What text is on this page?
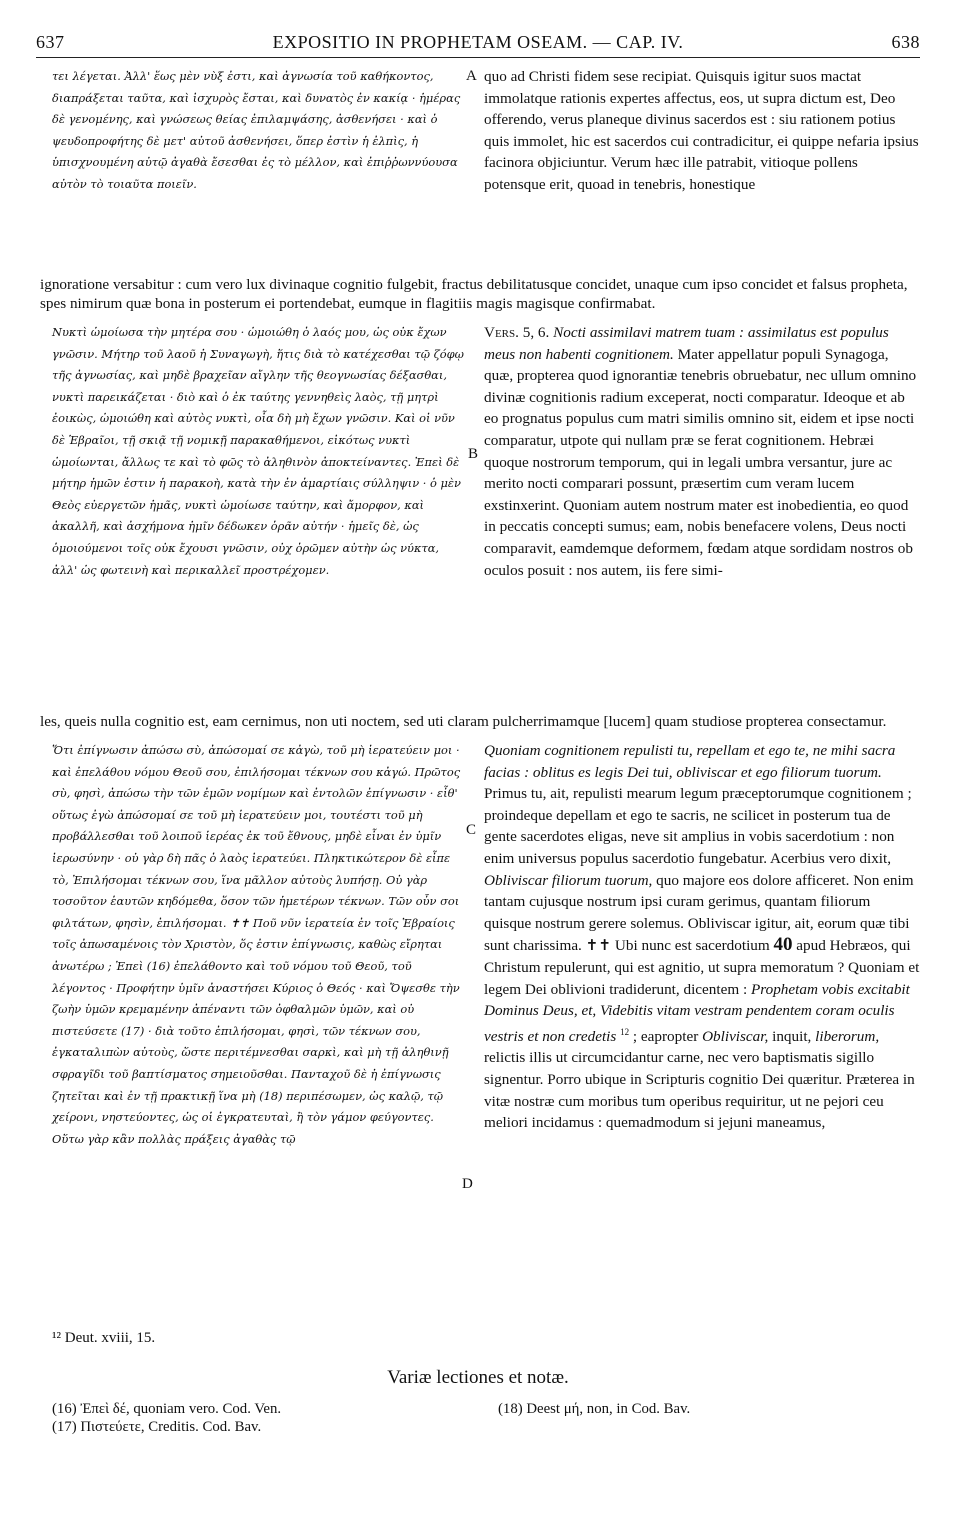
637	EXPOSITIO IN PROPHETAM OSEAM. — CAP. IV.	638

τει λέγεται. Ἀλλ' ἕως μὲν νὺξ ἐστι, καὶ ἀγνωσία τοῦ καθήκοντος, διαπράξεται ταῦτα, καὶ ἰσχυρὸς ἔσται, καὶ δυνατὸς ἐν κακίᾳ · ἡμέρας δὲ γενομένης, καὶ γνώσεως θείας ἐπιλαμψάσης, ἀσθενήσει · καὶ ὁ ψευδοπροφήτης δὲ μετ' αὐτοῦ ἀσθενήσει, ὅπερ ἐστὶν ἡ ἐλπὶς, ἡ ὑπισχνουμένη αὐτῷ ἀγαθὰ ἔσεσθαι ἐς τὸ μέλλον, καὶ ἐπιῤῥωννύουσα αὐτὸν τὸ τοιαῦτα ποιεῖν.

A quo ad Christi fidem sese recipiat. Quisquis igitur suos mactat immolatque rationis expertes affectus, eos, ut supra dictum est, Deo offerendo, verus planeque divinus sacerdos est : siu rationem potius quis immolet, hic est sacerdos cui contradicitur, ei quippe nefaria ipsius facinora objiciuntur. Verum hæc ille patrabit, vitioque pollens potensque erit, quoad in tenebris, honestique

ignoratione versabitur : cum vero lux divinaque cognitio fulgebit, fractus debilitatusque concidet, unaque cum ipso concidet et falsus propheta, spes nimirum quæ bona in posterum ei portendebat, eumque in flagitiis magis magisque confirmabat.

Νυκτὶ ὡμοίωσα τὴν μητέρα σου · ὡμοιώθη ὁ λαός μου, ὡς οὐκ ἔχων γνῶσιν. Μήτηρ τοῦ λαοῦ ἡ Συναγωγὴ, ἥτις διὰ τὸ κατέχεσθαι τῷ ζόφῳ τῆς ἀγνωσίας, καὶ μηδὲ βραχεῖαν αἴγλην τῆς θεογνωσίας δέξασθαι, νυκτὶ παρεικάζεται · διὸ καὶ ὁ ἐκ ταύτης γεννηθεὶς λαὸς, τῇ μητρὶ ἐοικὼς, ὡμοιώθη καὶ αὐτὸς νυκτὶ, οἷα δὴ μὴ ἔχων γνῶσιν. Καὶ οἱ νῦν δὲ Ἑβραῖοι, τῇ σκιᾷ τῇ νομικῇ παρακαθήμενοι, εἰκότως νυκτὶ ὡμοίωνται, ἄλλως τε καὶ τὸ φῶς τὸ ἀληθινὸν ἀποκτείναντες. Ἐπεὶ δὲ μήτηρ ἡμῶν ἐστιν ἡ παρακοὴ, κατὰ τὴν ἐν ἁμαρτίαις σύλληψιν · ὁ μὲν Θεὸς εὐεργετῶν ἡμᾶς, νυκτὶ ὡμοίωσε ταύτην, καὶ ἄμορφον, καὶ ἀκαλλῆ, καὶ ἀσχήμονα ἡμῖν δέδωκεν ὁρᾶν αὐτήν · ἡμεῖς δὲ, ὡς ὁμοιούμενοι τοῖς οὐκ ἔχουσι γνῶσιν, οὐχ ὁρῶμεν αὐτὴν ὡς νύκτα, ἀλλ' ὡς φωτεινὴ καὶ περικαλλεῖ προστρέχομεν.

B
Vers. 5, 6. Nocti assimilavi matrem tuam : assimilatus est populus meus non habenti cognitionem. Mater appellatur populi Synagoga, quæ, propterea quod ignorantiæ tenebris obruebatur, nec ullum omnino divinæ cognitionis radium exceperat, nocti comparatur. Ideoque et ab eo prognatus populus cum matri similis omnino sit, eidem et ipse nocti comparatur, utpote qui nullam præ se ferat cognitionem. Hebræi quoque nostrorum temporum, qui in legali umbra versantur, jure ac merito nocti comparari possunt, præsertim cum veram lucem exstinxerint. Quoniam autem nostrum mater est inobedientia, eo quod in peccatis concepti sumus; eam, nobis benefacere volens, Deus nocti comparavit, eamdemque deformem, fœdam atque sordidam nostros ob oculos posuit : nos autem, iis fere simi-

les, queis nulla cognitio est, eam cernimus, non uti noctem, sed uti claram pulcherrimamque [lucem] quam studiose propterea consectamur.

Ὅτι ἐπίγνωσιν ἀπώσω σὺ, ἀπώσομαί σε κἀγὼ, τοῦ μὴ ἱερατεύειν μοι · καὶ ἐπελάθου νόμου Θεοῦ σου, ἐπιλήσομαι τέκνων σου κἀγώ. Πρῶτος σὺ, φησὶ, ἀπώσω τὴν τῶν ἐμῶν νομίμων καὶ ἐντολῶν ἐπίγνωσιν · εἶθ' οὕτως ἐγὼ ἀπώσομαί σε τοῦ μὴ ἱερατεύειν μοι, τουτέστι τοῦ μὴ προβάλλεσθαι τοῦ λοιποῦ ἱερέας ἐκ τοῦ ἔθνους, μηδὲ εἶναι ἐν ὑμῖν ἱερωσύνην · οὐ γὰρ δὴ πᾶς ὁ λαὸς ἱερατεύει. Πληκτικώτερον δὲ εἶπε τὸ, Ἐπιλήσομαι τέκνων σου, ἵνα μᾶλλον αὐτοὺς λυπήσῃ. Οὐ γὰρ τοσοῦτον ἑαυτῶν κηδόμεθα, ὅσον τῶν ἡμετέρων τέκνων. Τῶν οὖν σοι φιλτάτων, φησὶν, ἐπιλήσομαι. ✝✝ Ποῦ νῦν ἱερατεία ἐν τοῖς Ἑβραίοις τοῖς ἀπωσαμένοις τὸν Χριστὸν, ὅς ἐστιν ἐπίγνωσις, καθὼς εἴρηται ἀνωτέρω ; Ἐπεὶ (16) ἐπελάθοντο καὶ τοῦ νόμου τοῦ Θεοῦ, τοῦ λέγοντος · Προφήτην ὑμῖν ἀναστήσει Κύριος ὁ Θεός · καὶ Ὄψεσθε τὴν ζωὴν ὑμῶν κρεμαμένην ἀπέναντι τῶν ὀφθαλμῶν ὑμῶν, καὶ οὐ πιστεύσετε (17) · διὰ τοῦτο ἐπιλήσομαι, φησὶ, τῶν τέκνων σου, ἐγκαταλιπὼν αὐτοὺς, ὥστε περιτέμνεσθαι σαρκὶ, καὶ μὴ τῇ ἀληθινῇ σφραγῖδι τοῦ βαπτίσματος σημειοῦσθαι. Πανταχοῦ δὲ ἡ ἐπίγνωσις ζητεῖται καὶ ἐν τῇ πρακτικῇ ἵνα μὴ (18) περιπέσωμεν, ὡς καλῷ, τῷ χείρονι, νηστεύοντες, ὡς οἱ ἐγκρατευταὶ, ἢ τὸν γάμον φεύγοντες. Οὕτω γὰρ κἂν πολλὰς πράξεις ἀγαθὰς τῷ

C
D
Quoniam cognitionem repulisti tu, repellam et ego te, ne mihi sacra facias : oblitus es legis Dei tui, obliviscar et ego filiorum tuorum. Primus tu, ait, repulisti mearum legum præceptorumque cognitionem ; proindeque depellam et ego te sacris, ne scilicet in posterum tua de gente sacerdotes eligas, neve sit amplius in vobis sacerdotium : non enim universus populus sacerdotio fungebatur. Acerbius vero dixit, Obliviscar filiorum tuorum, quo majore eos dolore afficeret. Non enim tantam cujusque nostrum ipsi curam gerimus, quantam filiorum quisque nostrum gerere solemus. Obliviscar igitur, ait, eorum quæ tibi sunt charissima. ✝✝ Ubi nunc est sacerdotium 40 apud Hebræos, qui Christum repulerunt, qui est agnitio, ut supra memoratum ? Quoniam et legem Dei oblivioni tradiderunt, dicentem : Prophetam vobis excitabit Dominus Deus, et, Videbitis vitam vestram pendentem coram oculis vestris et non credetis $^{12}$ ; eapropter Obliviscar, inquit, liberorum, relictis illis ut circumcidantur carne, nec vero baptismatis sigillo signentur. Porro ubique in Scripturis cognitio Dei quæritur. Præterea in vitæ nostræ cum moribus tum operibus requiritur, ut ne pejori ceu meliori incidamus : quemadmodum si jejuni maneamus,

¹² Deut. xviii, 15.

Variæ lectiones et notæ.

(16) Ἐπεὶ δέ, quoniam vero. Cod. Ven.

(17) Πιστεύετε, Creditis. Cod. Bav.

(18) Deest μή, non, in Cod. Bav.
